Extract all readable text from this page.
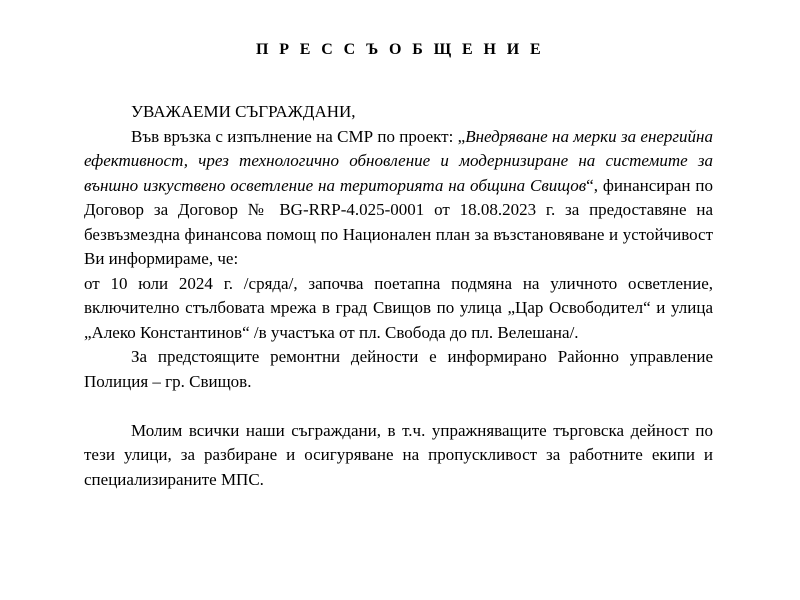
П Р Е С С Ъ О Б Щ Е Н И Е

УВАЖАЕМИ СЪГРАЖДАНИ,

Във връзка с изпълнение на СМР по проект: „Внедряване на мерки за енергийна ефективност, чрез технологично обновление и модернизиране на системите за външно изкуствено осветление на територията на община Свищов“, финансиран по Договор за Договор № BG-RRP-4.025-0001 от 18.08.2023 г. за предоставяне на безвъзмездна финансова помощ по Национален план за възстановяване и устойчивост Ви информираме, че:

от 10 юли 2024 г. /сряда/, започва поетапна подмяна на уличното осветление, включително стълбовата мрежа в град Свищов по улица „Цар Освободител“ и улица „Алеко Константинов“ /в участъка от пл. Свобода до пл. Велешана/.

За предстоящите ремонтни дейности е информирано Районно управление Полиция – гр. Свищов.

Молим всички наши съграждани, в т.ч. упражняващите търговска дейност по тези улици, за разбиране и осигуряване на пропускливост за работните екипи и специализираните МПС.
